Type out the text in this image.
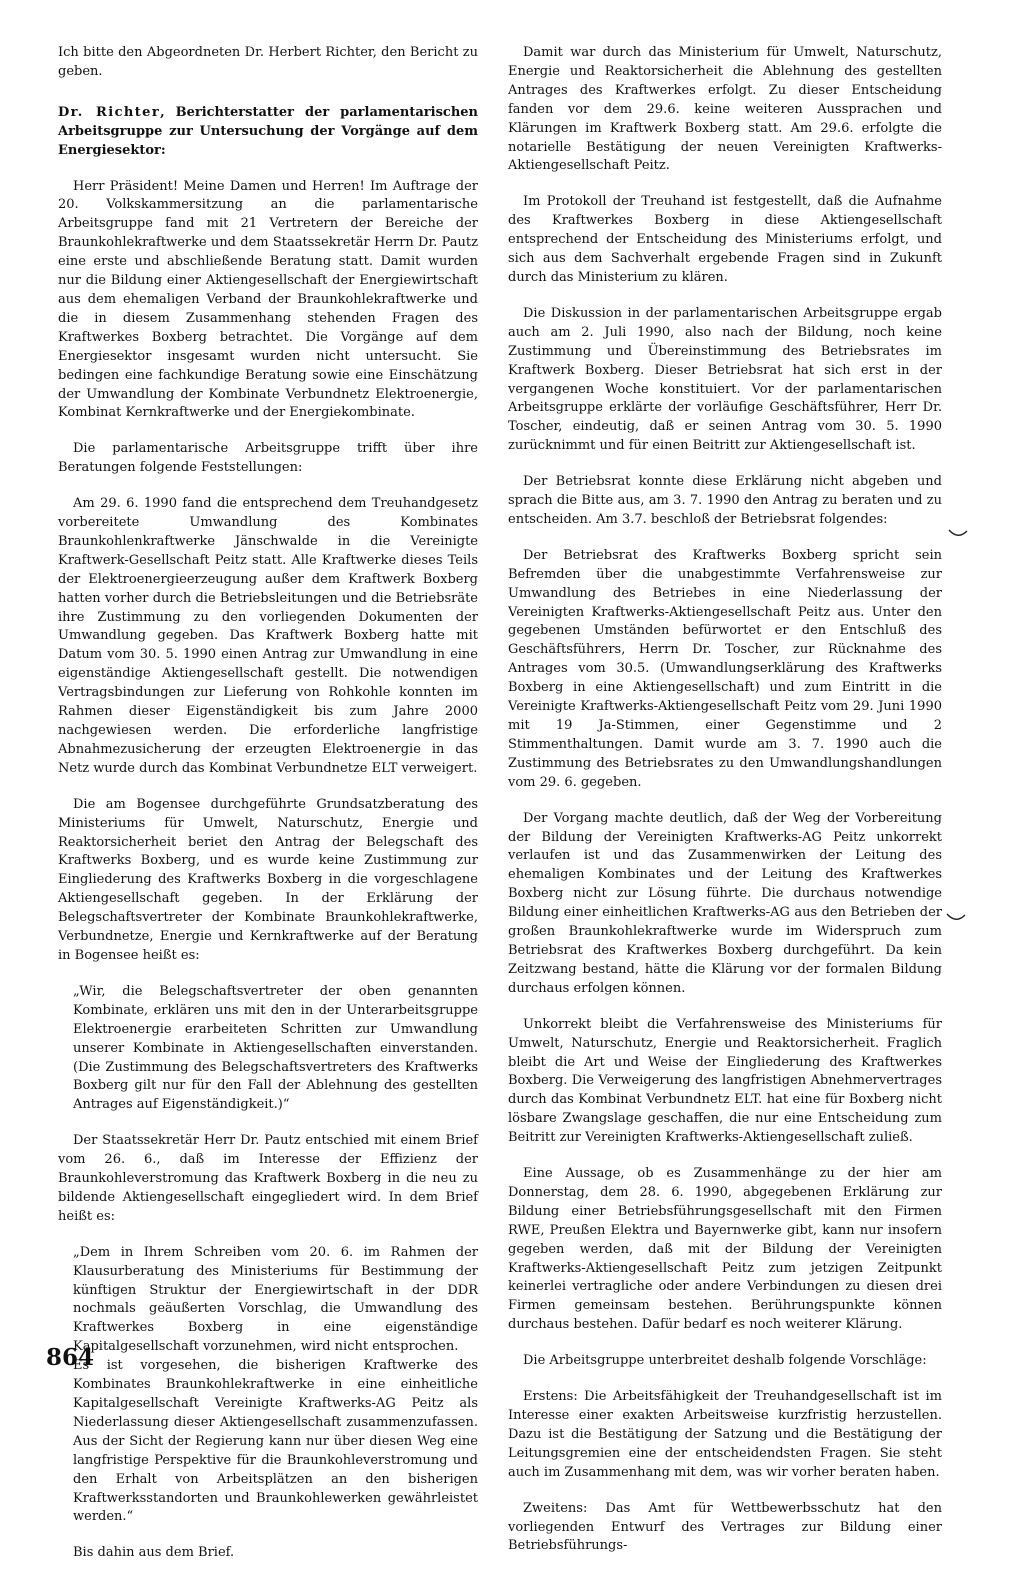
Ich bitte den Abgeordneten Dr. Herbert Richter, den Bericht zu geben.

Dr. Richter, Berichterstatter der parlamentarischen Arbeitsgruppe zur Untersuchung der Vorgänge auf dem Energiesektor:

Herr Präsident! Meine Damen und Herren! Im Auftrage der 20. Volkskammersitzung an die parlamentarische Arbeitsgruppe fand mit 21 Vertretern der Bereiche der Braunkohlekraftwerke und dem Staatssekretär Herrn Dr. Pautz eine erste und abschließende Beratung statt. Damit wurden nur die Bildung einer Aktiengesellschaft der Energiewirtschaft aus dem ehemaligen Verband der Braunkohlekraftwerke und die in diesem Zusammenhang stehenden Fragen des Kraftwerkes Boxberg betrachtet. Die Vorgänge auf dem Energiesektor insgesamt wurden nicht untersucht. Sie bedingen eine fachkundige Beratung sowie eine Einschätzung der Umwandlung der Kombinate Verbundnetz Elektroenergie, Kombinat Kernkraftwerke und der Energiekombinate.

Die parlamentarische Arbeitsgruppe trifft über ihre Beratungen folgende Feststellungen:

Am 29. 6. 1990 fand die entsprechend dem Treuhandgesetz vorbereitete Umwandlung des Kombinates Braunkohlenkraftwerke Jänschwalde in die Vereinigte Kraftwerk-Gesellschaft Peitz statt. Alle Kraftwerke dieses Teils der Elektroenergieerzeugung außer dem Kraftwerk Boxberg hatten vorher durch die Betriebsleitungen und die Betriebsräte ihre Zustimmung zu den vorliegenden Dokumenten der Umwandlung gegeben. Das Kraftwerk Boxberg hatte mit Datum vom 30. 5. 1990 einen Antrag zur Umwandlung in eine eigenständige Aktiengesellschaft gestellt. Die notwendigen Vertragsbindungen zur Lieferung von Rohkohle konnten im Rahmen dieser Eigenständigkeit bis zum Jahre 2000 nachgewiesen werden. Die erforderliche langfristige Abnahmezusicherung der erzeugten Elektroenergie in das Netz wurde durch das Kombinat Verbundnetze ELT verweigert.

Die am Bogensee durchgeführte Grundsatzberatung des Ministeriums für Umwelt, Naturschutz, Energie und Reaktorsicherheit beriet den Antrag der Belegschaft des Kraftwerks Boxberg, und es wurde keine Zustimmung zur Eingliederung des Kraftwerks Boxberg in die vorgeschlagene Aktiengesellschaft gegeben. In der Erklärung der Belegschaftsvertreter der Kombinate Braunkohlekraftwerke, Verbundnetze, Energie und Kernkraftwerke auf der Beratung in Bogensee heißt es:

„Wir, die Belegschaftsvertreter der oben genannten Kombinate, erklären uns mit den in der Unterarbeitsgruppe Elektroenergie erarbeiteten Schritten zur Umwandlung unserer Kombinate in Aktiengesellschaften einverstanden. (Die Zustimmung des Belegschaftsvertreters des Kraftwerks Boxberg gilt nur für den Fall der Ablehnung des gestellten Antrages auf Eigenständigkeit.)“

Der Staatssekretär Herr Dr. Pautz entschied mit einem Brief vom 26. 6., daß im Interesse der Effizienz der Braunkohleverstromung das Kraftwerk Boxberg in die neu zu bildende Aktiengesellschaft eingegliedert wird. In dem Brief heißt es:

„Dem in Ihrem Schreiben vom 20. 6. im Rahmen der Klausurberatung des Ministeriums für Bestimmung der künftigen Struktur der Energiewirtschaft in der DDR nochmals geäußerten Vorschlag, die Umwandlung des Kraftwerkes Boxberg in eine eigenständige Kapitalgesellschaft vorzunehmen, wird nicht entsprochen.

Es ist vorgesehen, die bisherigen Kraftwerke des Kombinates Braunkohlekraftwerke in eine einheitliche Kapitalgesellschaft Vereinigte Kraftwerks-AG Peitz als Niederlassung dieser Aktiengesellschaft zusammenzufassen. Aus der Sicht der Regierung kann nur über diesen Weg eine langfristige Perspektive für die Braunkohleverstromung und den Erhalt von Arbeitsplätzen an den bisherigen Kraftwerksstandorten und Braunkohlewerken gewährleistet werden.“

Bis dahin aus dem Brief.

Damit war durch das Ministerium für Umwelt, Naturschutz, Energie und Reaktorsicherheit die Ablehnung des gestellten Antrages des Kraftwerkes erfolgt. Zu dieser Entscheidung fanden vor dem 29.6. keine weiteren Aussprachen und Klärungen im Kraftwerk Boxberg statt. Am 29.6. erfolgte die notarielle Bestätigung der neuen Vereinigten Kraftwerks-Aktiengesellschaft Peitz.

Im Protokoll der Treuhand ist festgestellt, daß die Aufnahme des Kraftwerkes Boxberg in diese Aktiengesellschaft entsprechend der Entscheidung des Ministeriums erfolgt, und sich aus dem Sachverhalt ergebende Fragen sind in Zukunft durch das Ministerium zu klären.

Die Diskussion in der parlamentarischen Arbeitsgruppe ergab auch am 2. Juli 1990, also nach der Bildung, noch keine Zustimmung und Übereinstimmung des Betriebsrates im Kraftwerk Boxberg. Dieser Betriebsrat hat sich erst in der vergangenen Woche konstituiert. Vor der parlamentarischen Arbeitsgruppe erklärte der vorläufige Geschäftsführer, Herr Dr. Toscher, eindeutig, daß er seinen Antrag vom 30. 5. 1990 zurücknimmt und für einen Beitritt zur Aktiengesellschaft ist.

Der Betriebsrat konnte diese Erklärung nicht abgeben und sprach die Bitte aus, am 3. 7. 1990 den Antrag zu beraten und zu entscheiden. Am 3.7. beschloß der Betriebsrat folgendes:

Der Betriebsrat des Kraftwerks Boxberg spricht sein Befremden über die unabgestimmte Verfahrensweise zur Umwandlung des Betriebes in eine Niederlassung der Vereinigten Kraftwerks-Aktiengesellschaft Peitz aus. Unter den gegebenen Umständen befürwortet er den Entschluß des Geschäftsführers, Herrn Dr. Toscher, zur Rücknahme des Antrages vom 30.5. (Umwandlungserklärung des Kraftwerks Boxberg in eine Aktiengesellschaft) und zum Eintritt in die Vereinigte Kraftwerks-Aktiengesellschaft Peitz vom 29. Juni 1990 mit 19 Ja-Stimmen, einer Gegenstimme und 2 Stimmenthaltungen. Damit wurde am 3. 7. 1990 auch die Zustimmung des Betriebsrates zu den Umwandlungshandlungen vom 29. 6. gegeben.

Der Vorgang machte deutlich, daß der Weg der Vorbereitung der Bildung der Vereinigten Kraftwerks-AG Peitz unkorrekt verlaufen ist und das Zusammenwirken der Leitung des ehemaligen Kombinates und der Leitung des Kraftwerkes Boxberg nicht zur Lösung führte. Die durchaus notwendige Bildung einer einheitlichen Kraftwerks-AG aus den Betrieben der großen Braunkohlekraftwerke wurde im Widerspruch zum Betriebsrat des Kraftwerkes Boxberg durchgeführt. Da kein Zeitzwang bestand, hätte die Klärung vor der formalen Bildung durchaus erfolgen können.

Unkorrekt bleibt die Verfahrensweise des Ministeriums für Umwelt, Naturschutz, Energie und Reaktorsicherheit. Fraglich bleibt die Art und Weise der Eingliederung des Kraftwerkes Boxberg. Die Verweigerung des langfristigen Abnehmervertrages durch das Kombinat Verbundnetz ELT. hat eine für Boxberg nicht lösbare Zwangslage geschaffen, die nur eine Entscheidung zum Beitritt zur Vereinigten Kraftwerks-Aktiengesellschaft zuließ.

Eine Aussage, ob es Zusammenhänge zu der hier am Donnerstag, dem 28. 6. 1990, abgegebenen Erklärung zur Bildung einer Betriebsführungsgesellschaft mit den Firmen RWE, Preußen Elektra und Bayernwerke gibt, kann nur insofern gegeben werden, daß mit der Bildung der Vereinigten Kraftwerks-Aktiengesellschaft Peitz zum jetzigen Zeitpunkt keinerlei vertragliche oder andere Verbindungen zu diesen drei Firmen gemeinsam bestehen. Berührungspunkte können durchaus bestehen. Dafür bedarf es noch weiterer Klärung.

Die Arbeitsgruppe unterbreitet deshalb folgende Vorschläge:

Erstens: Die Arbeitsfähigkeit der Treuhandgesellschaft ist im Interesse einer exakten Arbeitsweise kurzfristig herzustellen. Dazu ist die Bestätigung der Satzung und die Bestätigung der Leitungsgremien eine der entscheidendsten Fragen. Sie steht auch im Zusammenhang mit dem, was wir vorher beraten haben.

Zweitens: Das Amt für Wettbewerbsschutz hat den vorliegenden Entwurf des Vertrages zur Bildung einer Betriebsführungs-

864
